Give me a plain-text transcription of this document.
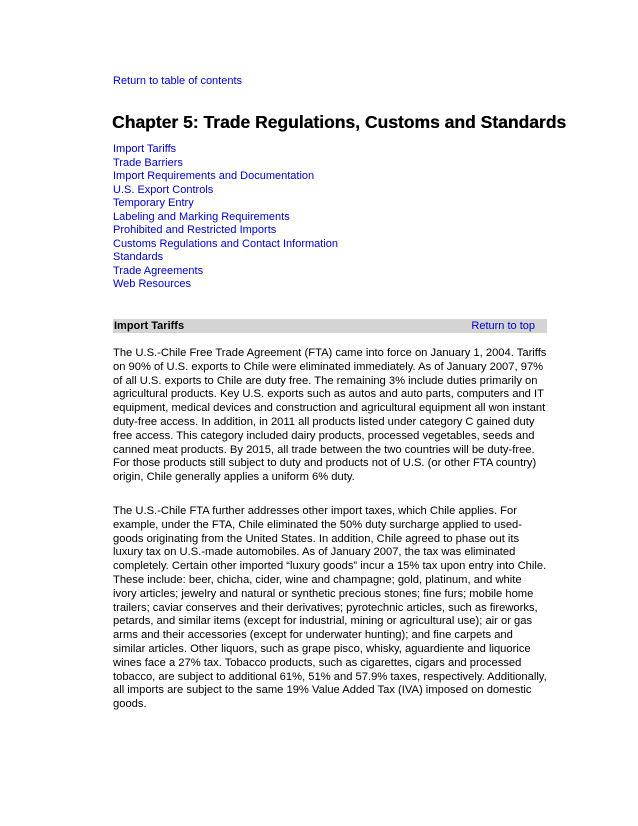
Return to table of contents
Chapter 5: Trade Regulations, Customs and Standards
Import Tariffs
Trade Barriers
Import Requirements and Documentation
U.S. Export Controls
Temporary Entry
Labeling and Marking Requirements
Prohibited and Restricted Imports
Customs Regulations and Contact Information
Standards
Trade Agreements
Web Resources
Import Tariffs	Return to top

The U.S.-Chile Free Trade Agreement (FTA) came into force on January 1, 2004. Tariffs on 90% of U.S. exports to Chile were eliminated immediately. As of January 2007, 97% of all U.S. exports to Chile are duty free. The remaining 3% include duties primarily on agricultural products. Key U.S. exports such as autos and auto parts, computers and IT equipment, medical devices and construction and agricultural equipment all won instant duty-free access. In addition, in 2011 all products listed under category C gained duty free access. This category included dairy products, processed vegetables, seeds and canned meat products. By 2015, all trade between the two countries will be duty-free. For those products still subject to duty and products not of U.S. (or other FTA country) origin, Chile generally applies a uniform 6% duty.

The U.S.-Chile FTA further addresses other import taxes, which Chile applies. For example, under the FTA, Chile eliminated the 50% duty surcharge applied to used-goods originating from the United States. In addition, Chile agreed to phase out its luxury tax on U.S.-made automobiles. As of January 2007, the tax was eliminated completely. Certain other imported “luxury goods” incur a 15% tax upon entry into Chile. These include: beer, chicha, cider, wine and champagne; gold, platinum, and white ivory articles; jewelry and natural or synthetic precious stones; fine furs; mobile home trailers; caviar conserves and their derivatives; pyrotechnic articles, such as fireworks, petards, and similar items (except for industrial, mining or agricultural use); air or gas arms and their accessories (except for underwater hunting); and fine carpets and similar articles. Other liquors, such as grape pisco, whisky, aguardiente and liquorice wines face a 27% tax. Tobacco products, such as cigarettes, cigars and processed tobacco, are subject to additional 61%, 51% and 57.9% taxes, respectively. Additionally, all imports are subject to the same 19% Value Added Tax (IVA) imposed on domestic goods.
